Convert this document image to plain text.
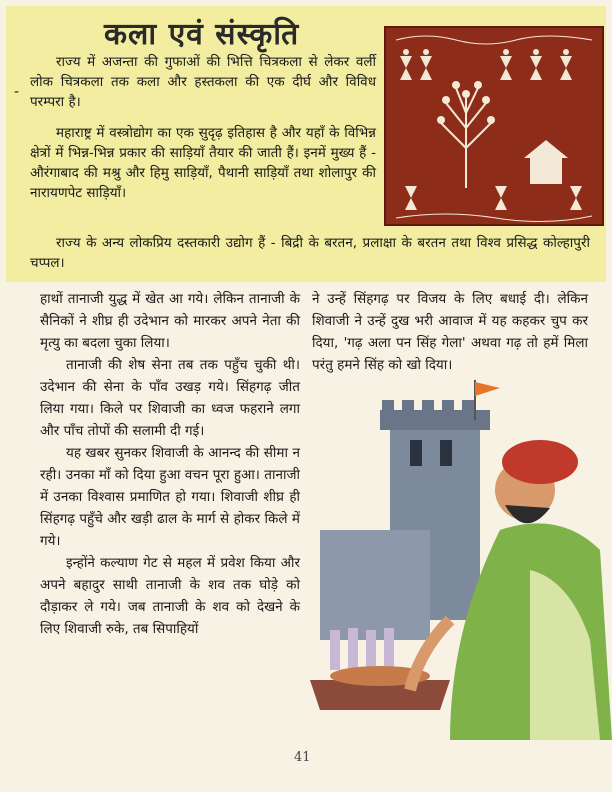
कला एवं संस्कृति
-

राज्य में अजन्ता की गुफाओं की भित्ति चित्रकला से लेकर वर्ली लोक चित्रकला तक कला और हस्तकला की एक दीर्घ और विविध परम्परा है।

महाराष्ट्र में वस्त्रोद्योग का एक सुदृढ़ इतिहास है और यहाँ के विभिन्न क्षेत्रों में भिन्न-भिन्न प्रकार की साड़ियाँ तैयार की जाती हैं। इनमें मुख्य हैं - औरंगाबाद की मश्रु और हिमु साड़ियाँ, पैथानी साड़ियाँ तथा शोलापुर की नारायणपेट साड़ियाँ।

राज्य के अन्य लोकप्रिय दस्तकारी उद्योग हैं - बिद्री के बरतन, प्रलाक्षा के बरतन तथा विश्व प्रसिद्ध कोल्हापुरी चप्पल।

हाथों तानाजी युद्ध में खेत आ गये। लेकिन तानाजी के सैनिकों ने शीघ्र ही उदेभान को मारकर अपने नेता की मृत्यु का बदला चुका लिया।

तानाजी की शेष सेना तब तक पहुँच चुकी थी। उदेभान की सेना के पाँव उखड़ गये। सिंहगढ़ जीत लिया गया। किले पर शिवाजी का ध्वज फहराने लगा और पाँच तोपों की सलामी दी गई।

यह खबर सुनकर शिवाजी के आनन्द की सीमा न रही। उनका माँ को दिया हुआ वचन पूरा हुआ। तानाजी में उनका विश्वास प्रमाणित हो गया। शिवाजी शीघ्र ही सिंहगढ़ पहुँचे और खड़ी ढाल के मार्ग से होकर किले में गये।

इन्होंने कल्याण गेट से महल में प्रवेश किया और अपने बहादुर साथी तानाजी के शव तक घोड़े को दौड़ाकर ले गये। जब तानाजी के शव को देखने के लिए शिवाजी रुके, तब सिपाहियों

ने उन्हें सिंहगढ़ पर विजय के लिए बधाई दी। लेकिन शिवाजी ने उन्हें दुख भरी आवाज में यह कहकर चुप कर दिया, 'गढ़ अला पन सिंह गेला' अथवा गढ़ तो हमें मिला परंतु हमने सिंह को खो दिया।

41
